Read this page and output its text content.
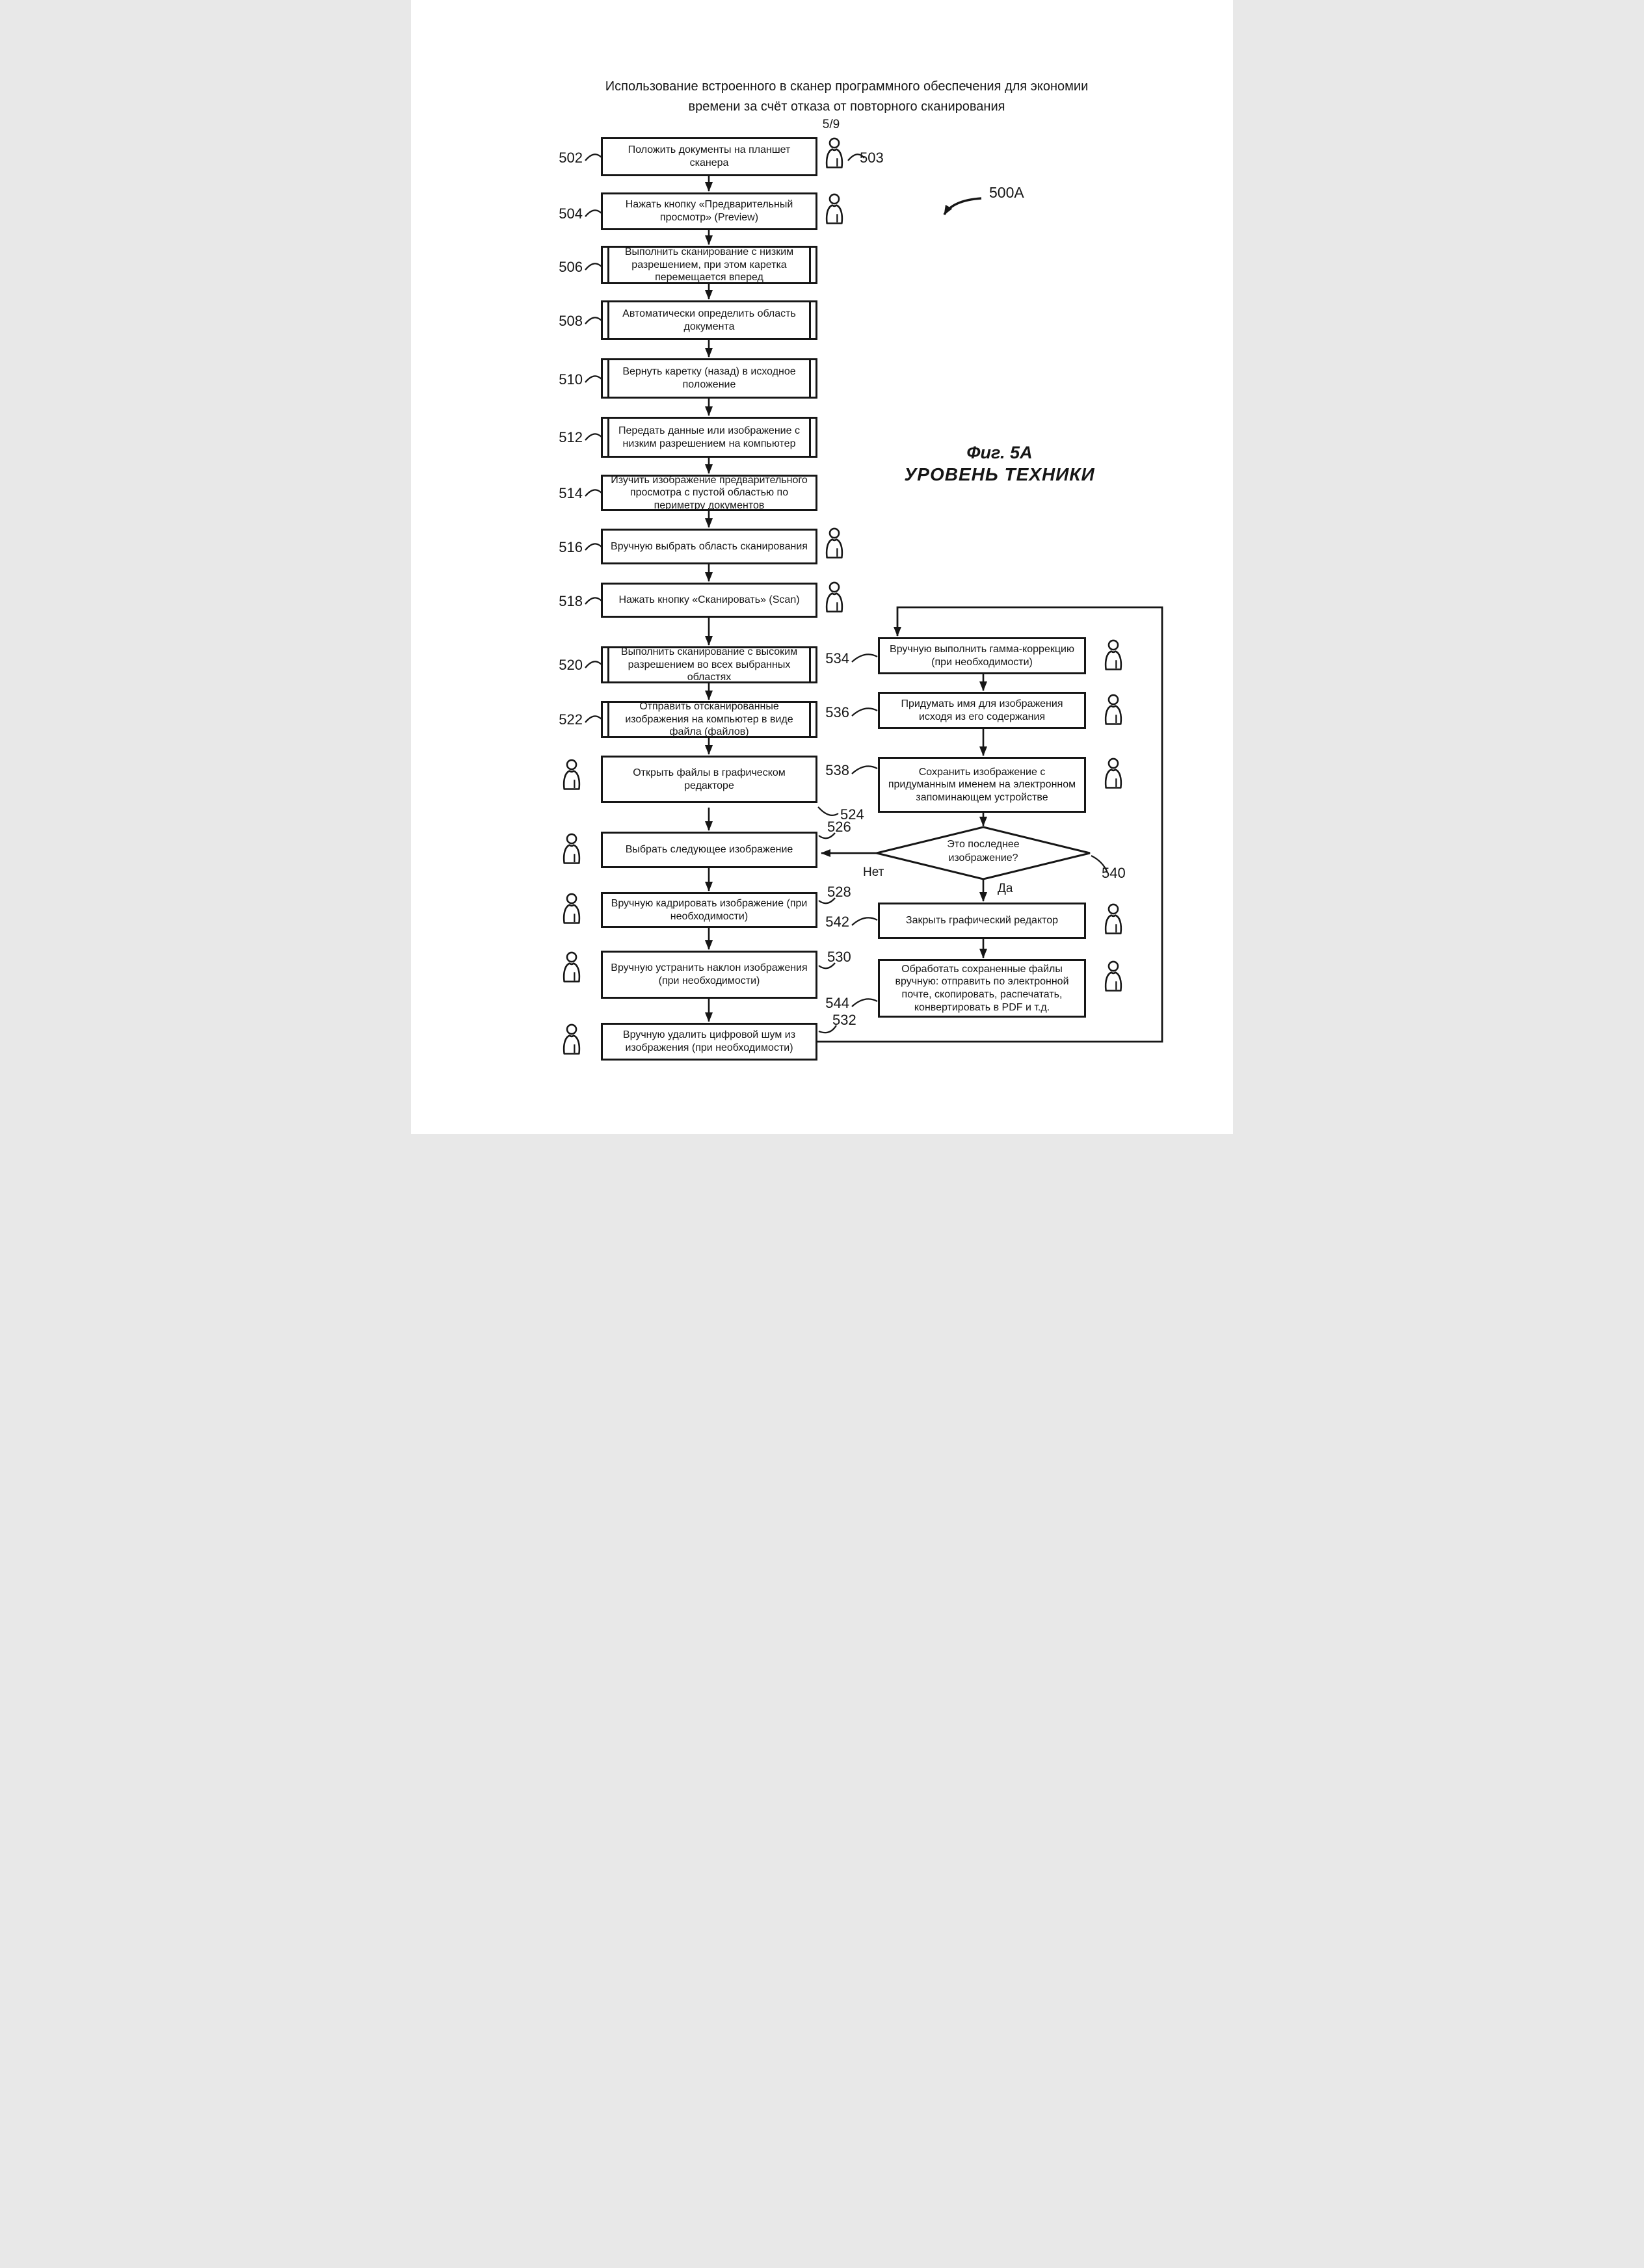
Использование встроенного в сканер программного обеспечения для экономии
времени за счёт отказа от повторного сканирования
5/9
500A
Фиг. 5А
УРОВЕНЬ ТЕХНИКИ
Положить документы на планшет сканера
Нажать кнопку «Предварительный просмотр» (Preview)
Выполнить сканирование с низким разрешением, при этом каретка перемещается вперед
Автоматически определить область документа
Вернуть каретку (назад) в исходное положение
Передать данные или изображение с низким разрешением на компьютер
Изучить изображение предварительного просмотра с пустой областью по периметру документов
Вручную выбрать область сканирования
Нажать кнопку «Сканировать» (Scan)
Выполнить сканирование с высоким разрешением во всех выбранных областях
Отправить отсканированные изображения на компьютер в виде файла (файлов)
Открыть файлы в графическом редакторе
Выбрать следующее изображение
Вручную кадрировать изображение (при необходимости)
Вручную устранить наклон изображения (при необходимости)
Вручную удалить цифровой шум из изображения (при необходимости)
Вручную выполнить гамма-коррекцию (при необходимости)
Придумать имя для изображения исходя из его содержания
Сохранить изображение с придуманным именем на электронном запоминающем устройстве
Закрыть графический редактор
Обработать сохраненные файлы вручную: отправить по электронной почте, скопировать, распечатать, конвертировать в PDF и т.д.
Это последнее изображение?
Нет
Да
502
504
506
508
510
512
514
516
518
520
522
524
526
528
530
532
534
536
538
540
542
544
503
